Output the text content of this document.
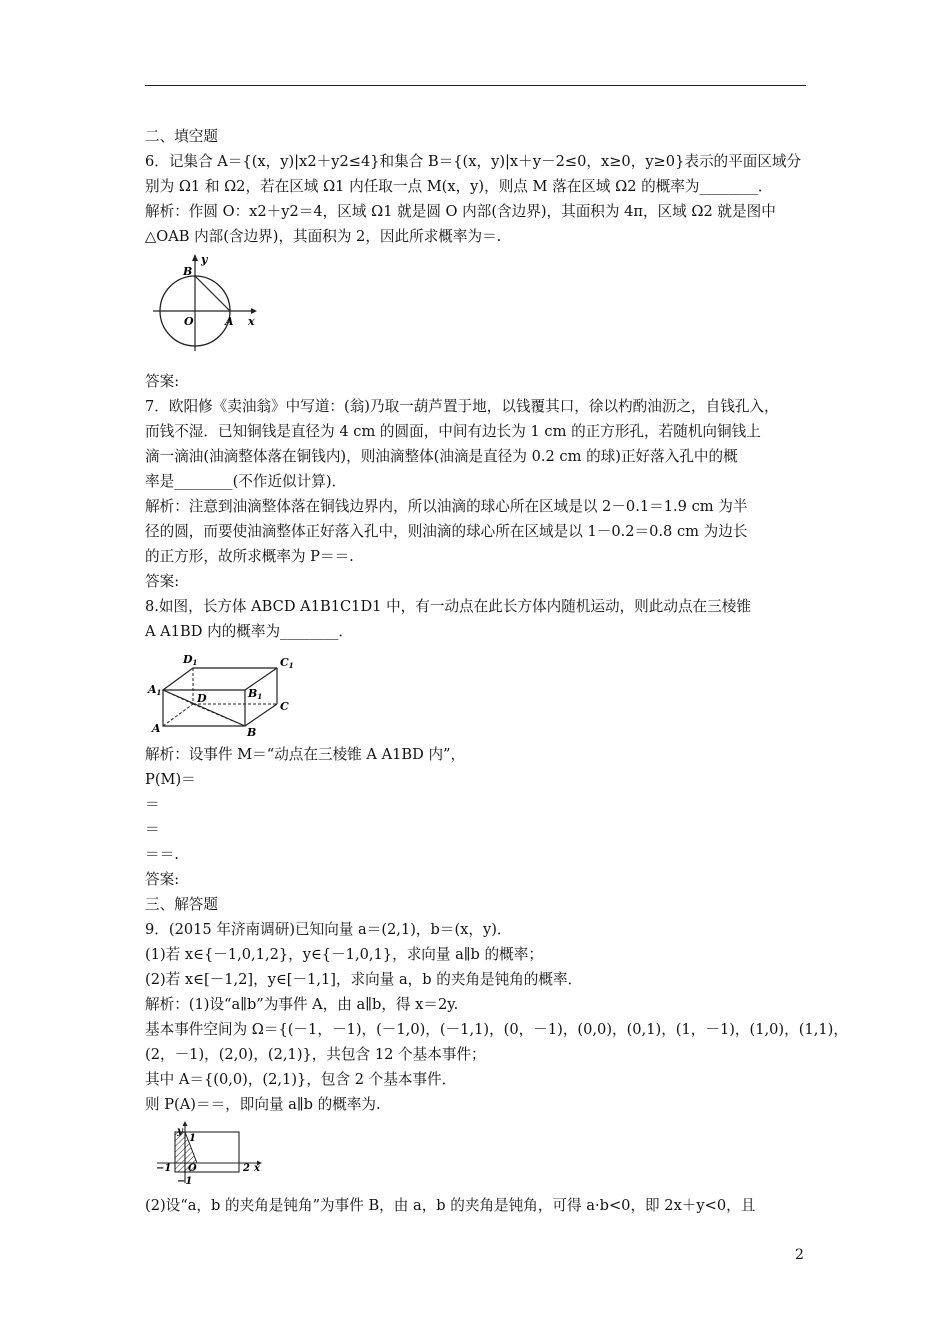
二、填空题

6．记集合 A＝{(x，y)|x2＋y2≤4}和集合 B＝{(x，y)|x＋y－2≤0，x≥0，y≥0}表示的平面区域分

别为 Ω1 和 Ω2，若在区域 Ω1 内任取一点 M(x，y)，则点 M 落在区域 Ω2 的概率为________．

解析：作圆 O：x2＋y2＝4，区域 Ω1 就是圆 O 内部(含边界)，其面积为 4π，区域 Ω2 就是图中

△OAB 内部(含边界)，其面积为 2，因此所求概率为＝.

y
B
O	A x

答案:

7．欧阳修《卖油翁》中写道：(翁)乃取一葫芦置于地，以钱覆其口，徐以杓酌油沥之，自钱孔入，

而钱不湿．已知铜钱是直径为 4 cm 的圆面，中间有边长为 1 cm 的正方形孔，若随机向铜钱上

滴一滴油(油滴整体落在铜钱内)，则油滴整体(油滴是直径为 0.2 cm 的球)正好落入孔中的概

率是________(不作近似计算)．

解析：注意到油滴整体落在铜钱边界内，所以油滴的球心所在区域是以 2－0.1＝1.9 cm 为半

径的圆，而要使油滴整体正好落入孔中，则油滴的球心所在区域是以 1－0.2＝0.8 cm 为边长

的正方形，故所求概率为 P＝＝.

答案:

8.如图，长方体 ABCD A1B1C1D1 中，有一动点在此长方体内随机运动，则此动点在三棱锥

A A1BD 内的概率为________．

D1	C1
A1	B1
D
C
A	B

解析：设事件 M＝“动点在三棱锥 A A1BD 内”，

P(M)＝

＝

＝

＝＝.

答案:

三、解答题

9．(2015 年济南调研)已知向量 a＝(2,1)，b＝(x，y)．

(1)若 x∈{－1,0,1,2}，y∈{－1,0,1}，求向量 a∥b 的概率；

(2)若 x∈[－1,2]，y∈[－1,1]，求向量 a，b 的夹角是钝角的概率．

解析：(1)设“a∥b”为事件 A，由 a∥b，得 x＝2y.

基本事件空间为 Ω＝{(－1，－1)，(－1,0)，(－1,1)，(0，－1)，(0,0)，(0,1)，(1，－1)，(1,0)，(1,1)，

(2，－1)，(2,0)，(2,1)}，共包含 12 个基本事件；

其中 A＝{(0,0)，(2,1)}，包含 2 个基本事件．

则 P(A)＝＝，即向量 a∥b 的概率为.

y
1
−1 O	2 x
−1

(2)设“a，b 的夹角是钝角”为事件 B，由 a，b 的夹角是钝角，可得 a·b<0，即 2x＋y<0，且

2
